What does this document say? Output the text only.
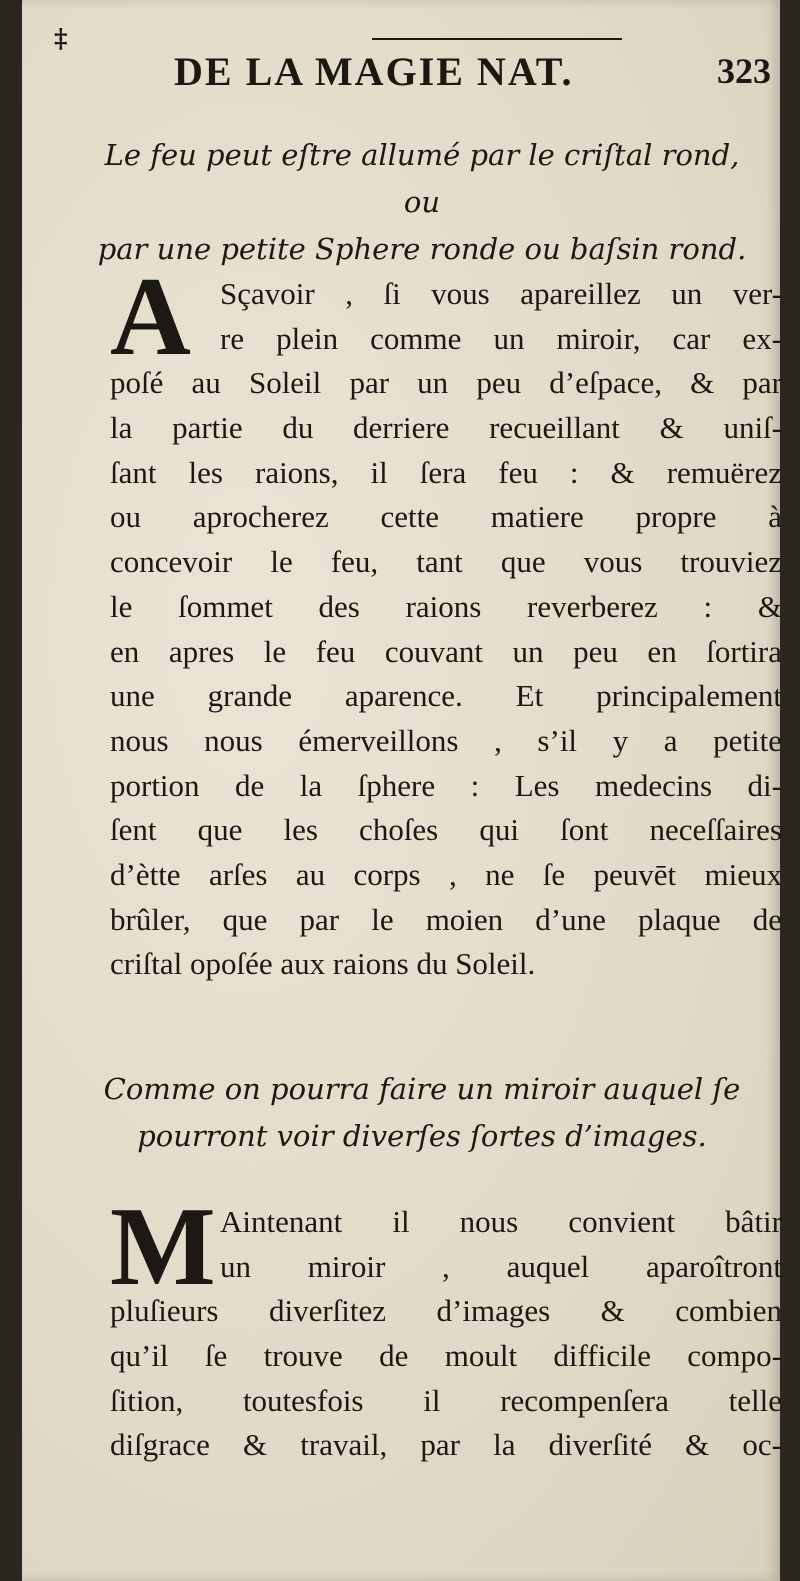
‡
DE LA MAGIE NAT.	323
Le feu peut eſtre allumé par le criſtal rond, ou
par une petite Sphere ronde ou baſsin rond.
A Sçavoir , ſi vous apareillez un ver-
re plein comme un miroir, car ex-
poſé au Soleil par un peu d’eſpace, & par
la partie du derriere recueillant & uniſ-
ſant les raions, il ſera feu : & remuërez
ou aprocherez cette matiere propre à
concevoir le feu, tant que vous trouviez
le ſommet des raions reverberez : &
en apres le feu couvant un peu en ſortira
une grande aparence. Et principalement
nous nous émerveillons , s’il y a petite
portion de la ſphere : Les medecins di-
ſent que les choſes qui ſont neceſſaires
d’ètte arſes au corps , ne ſe peuvēt mieux
brûler, que par le moien d’une plaque de
criſtal opoſée aux raions du Soleil.
Comme on pourra faire un miroir auquel ſe
pourront voir diverſes ſortes d’images.
M Aintenant il nous convient bâtir
un miroir , auquel aparoîtront
pluſieurs diverſitez d’images & combien
qu’il ſe trouve de moult difficile compo-
ſition, toutesfois il recompenſera telle
diſgrace & travail, par la diverſité & oc-
